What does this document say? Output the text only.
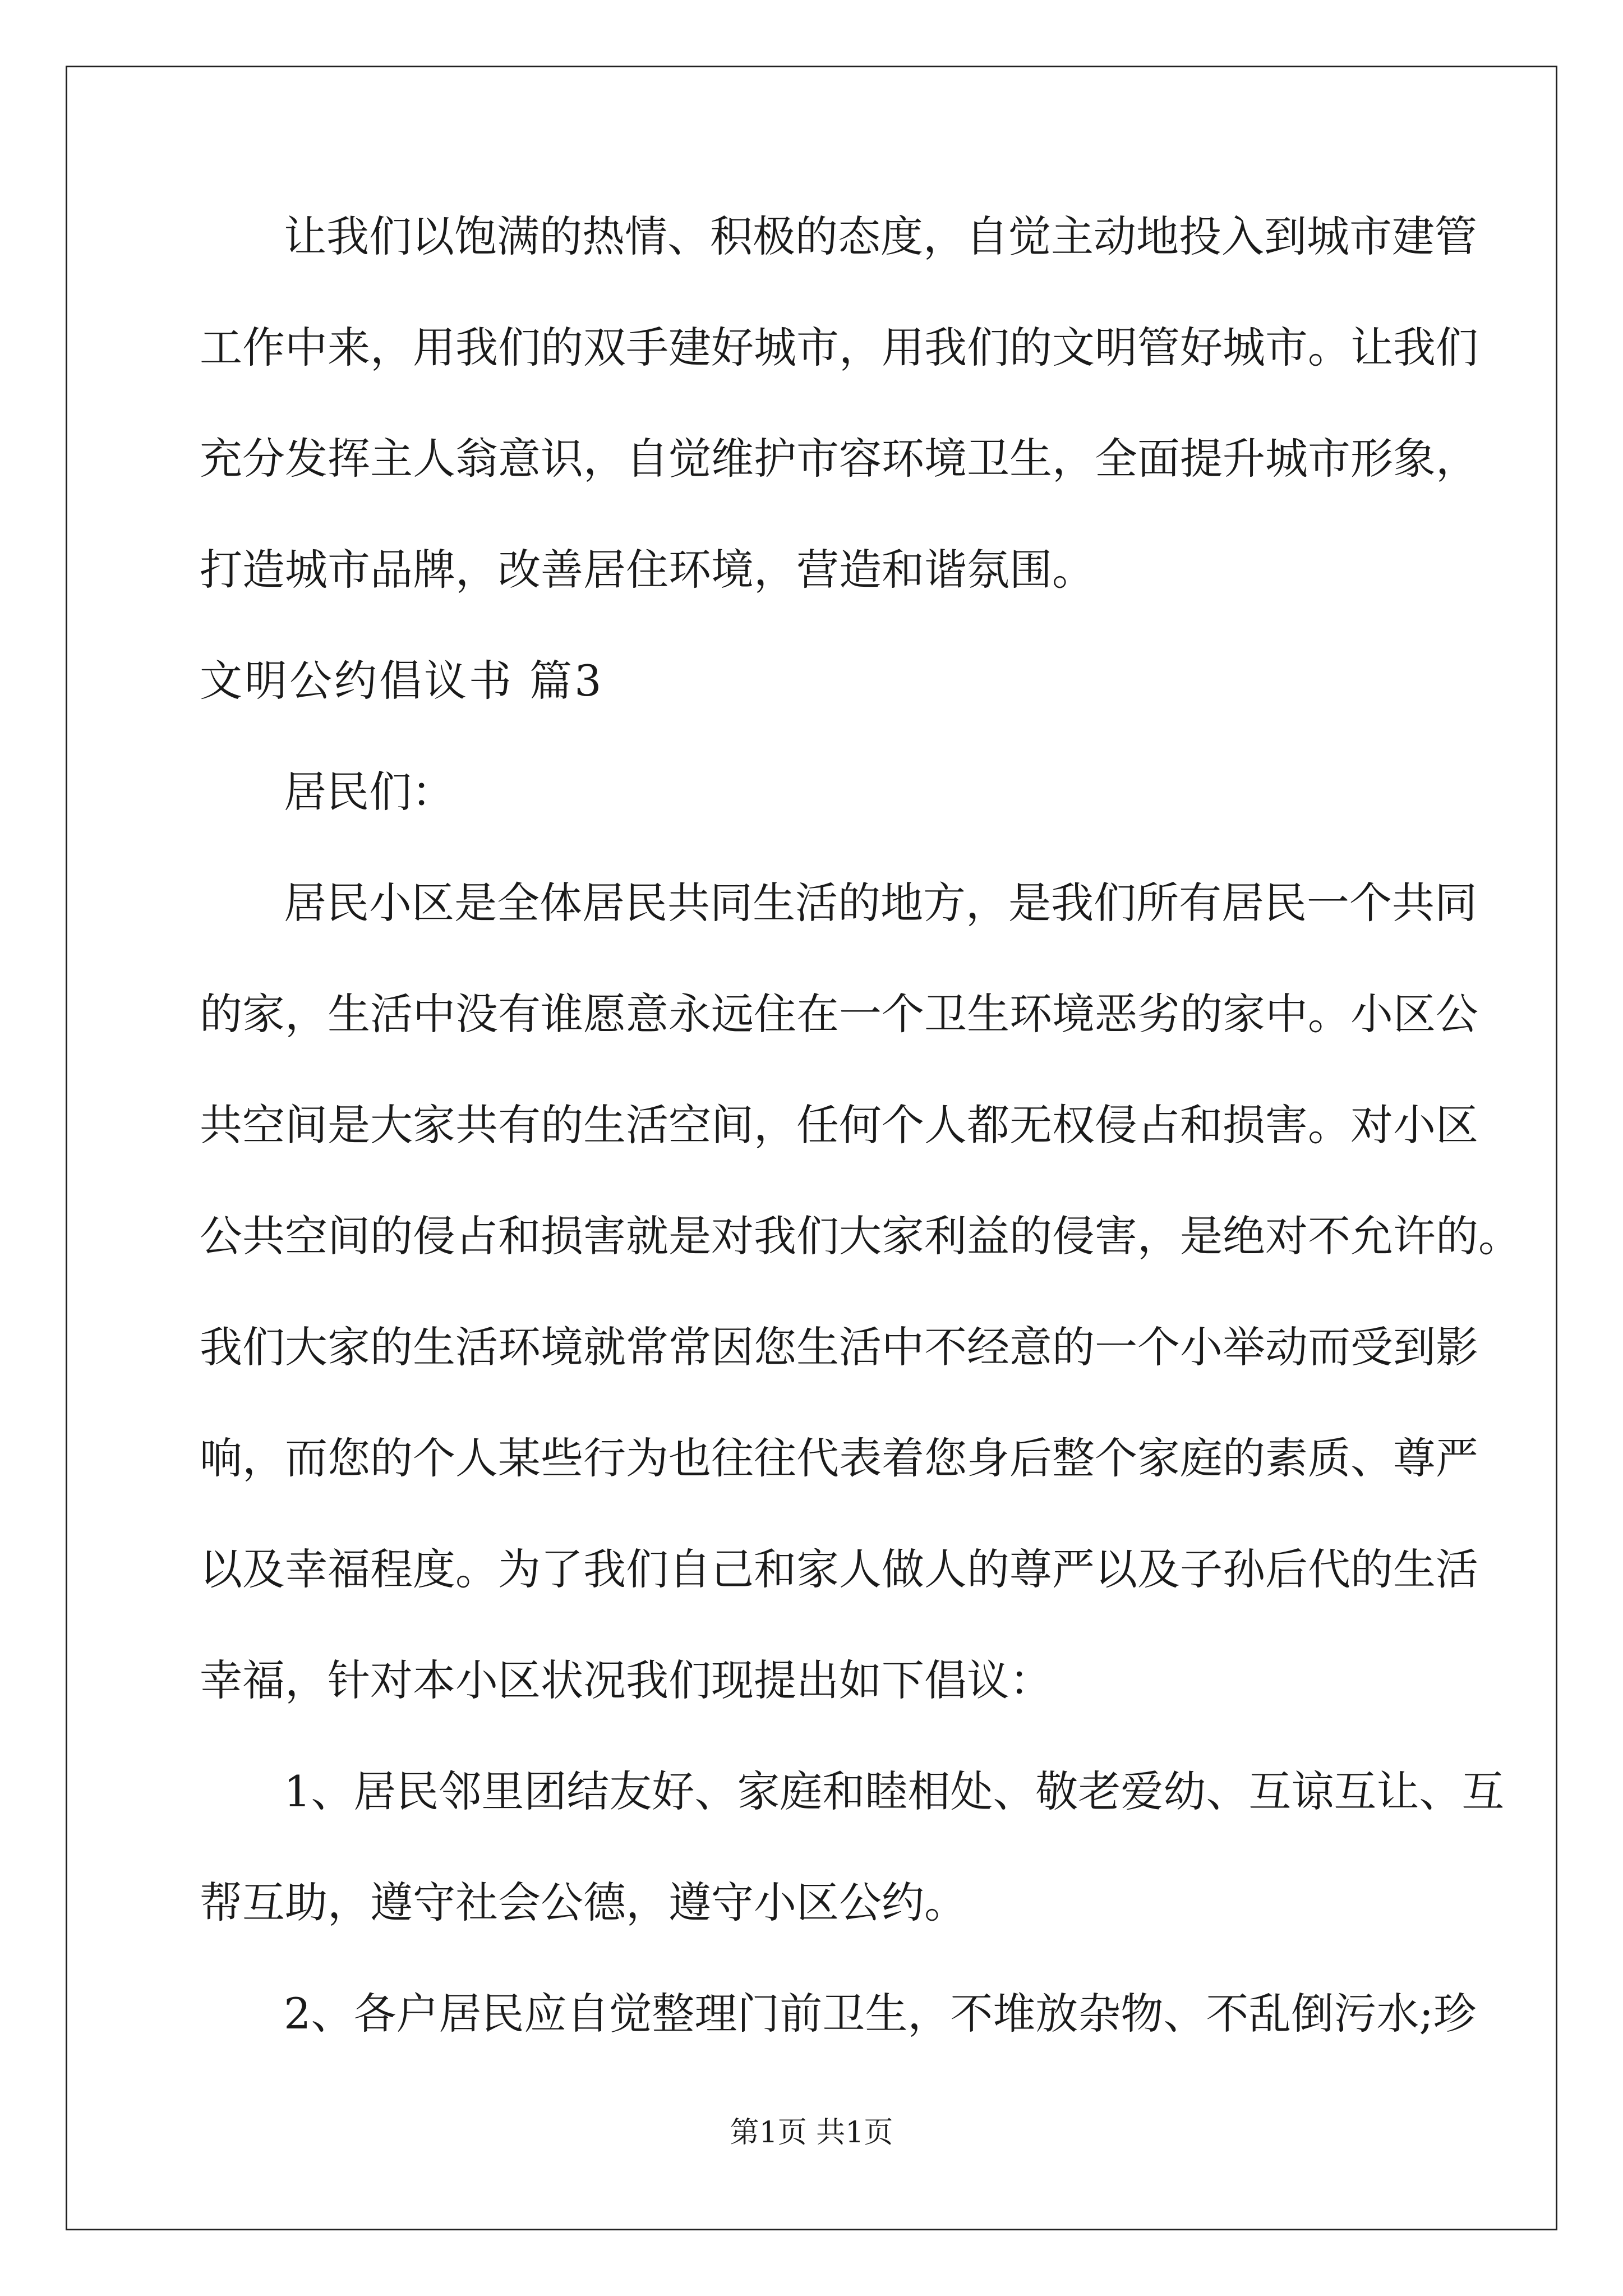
让我们以饱满的热情、积极的态度，自觉主动地投入到城市建管
工作中来，用我们的双手建好城市，用我们的文明管好城市。让我们
充分发挥主人翁意识，自觉维护市容环境卫生，全面提升城市形象，
打造城市品牌，改善居住环境，营造和谐氛围。
文明公约倡议书 篇3
居民们：
居民小区是全体居民共同生活的地方，是我们所有居民一个共同
的家，生活中没有谁愿意永远住在一个卫生环境恶劣的家中。小区公
共空间是大家共有的生活空间，任何个人都无权侵占和损害。对小区
公共空间的侵占和损害就是对我们大家利益的侵害，是绝对不允许的。
我们大家的生活环境就常常因您生活中不经意的一个小举动而受到影
响，而您的个人某些行为也往往代表着您身后整个家庭的素质、尊严
以及幸福程度。为了我们自己和家人做人的尊严以及子孙后代的生活
幸福，针对本小区状况我们现提出如下倡议：
1、居民邻里团结友好、家庭和睦相处、敬老爱幼、互谅互让、互
帮互助，遵守社会公德，遵守小区公约。
2、各户居民应自觉整理门前卫生，不堆放杂物、不乱倒污水;珍
第1页 共1页
